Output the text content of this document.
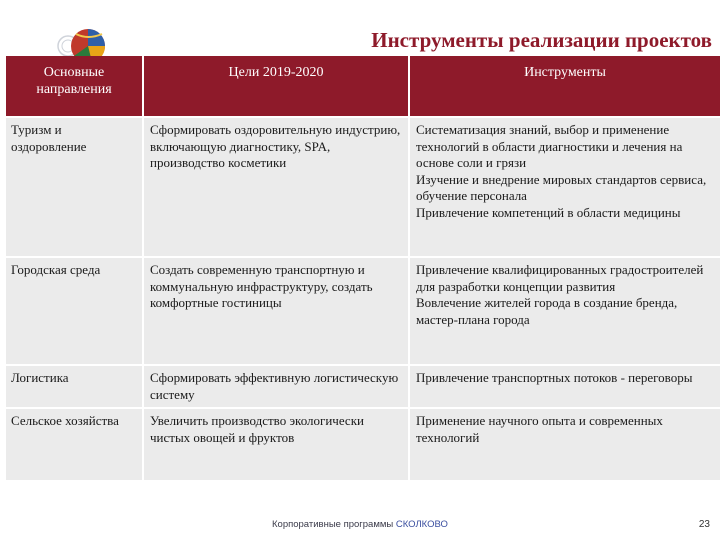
Инструменты реализации проектов
Основные направления	Цели 2019-2020	Инструменты
Туризм и оздоровление	Сформировать оздоровительную индустрию, включающую диагностику, SPA, производство косметики	Систематизация знаний, выбор и применение технологий в области диагностики и лечения на основе соли и грязи
Изучение и внедрение мировых стандартов сервиса, обучение персонала
Привлечение компетенций в области медицины

Городская среда	Создать современную транспортную и коммунальную инфраструктуру, создать комфортные гостиницы	Привлечение квалифицированных градостроителей для разработки концепции развития
Вовлечение жителей города в создание бренда, мастер-плана города

Логистика	Сформировать эффективную логистическую систему	Привлечение транспортных потоков - переговоры

Сельское хозяйства	Увеличить производство экологически чистых овощей и фруктов	Применение научного опыта и современных технологий
Корпоративные программы СКОЛКОВО	23
